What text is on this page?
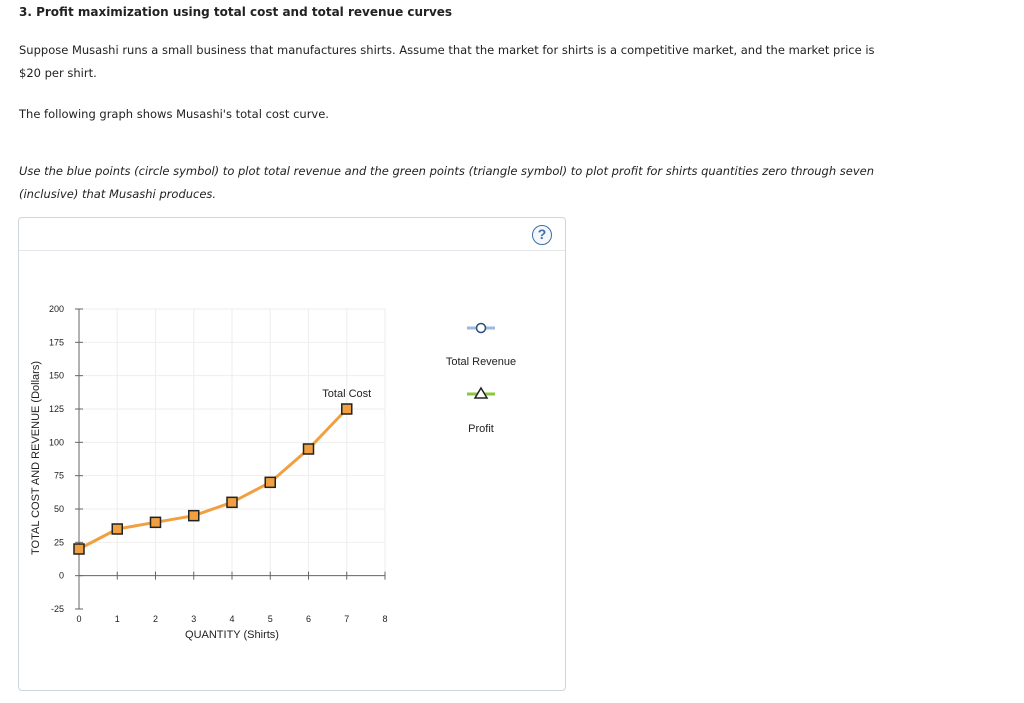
3. Profit maximization using total cost and total revenue curves
Suppose Musashi runs a small business that manufactures shirts. Assume that the market for shirts is a competitive market, and the market price is
$20 per shirt.
The following graph shows Musashi's total cost curve.
Use the blue points (circle symbol) to plot total revenue and the green points (triangle symbol) to plot profit for shirts quantities zero through seven
(inclusive) that Musashi produces.
?
-25
0
25
50
75
100
125
150
175
200
0	1	2	3	4	5	6	7	8
Total Cost
TOTAL COST AND REVENUE (Dollars)
QUANTITY (Shirts)
Total Revenue
Profit
